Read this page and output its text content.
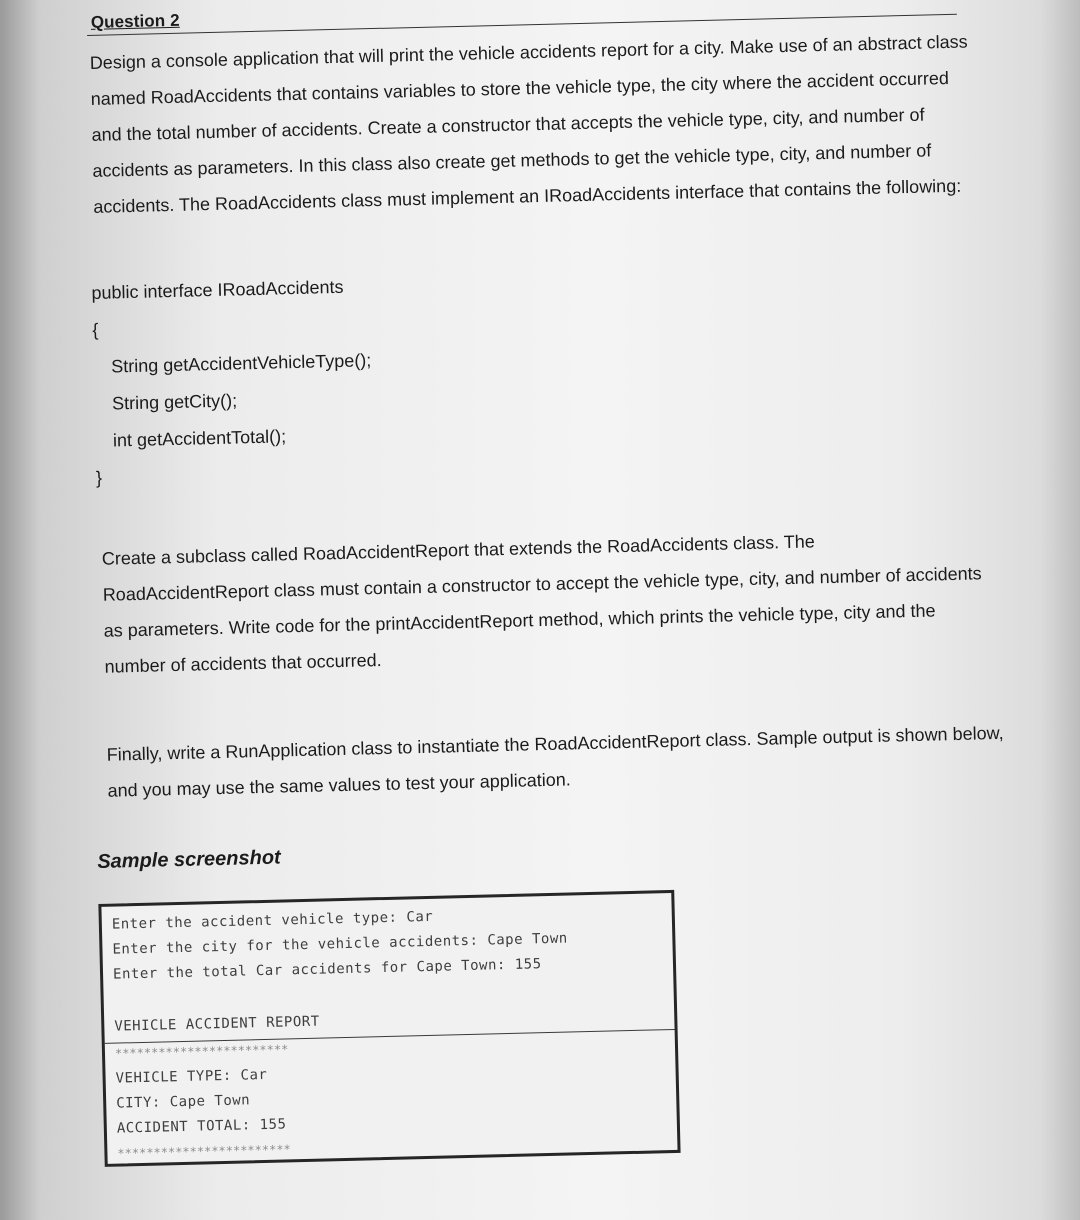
Question 2

Design a console application that will print the vehicle accidents report for a city. Make use of an abstract class named RoadAccidents that contains variables to store the vehicle type, the city where the accident occurred and the total number of accidents. Create a constructor that accepts the vehicle type, city, and number of accidents as parameters. In this class also create get methods to get the vehicle type, city, and number of accidents. The RoadAccidents class must implement an IRoadAccidents interface that contains the following:

public interface IRoadAccidents
{
String getAccidentVehicleType();
String getCity();
int getAccidentTotal();
}

Create a subclass called RoadAccidentReport that extends the RoadAccidents class. The RoadAccidentReport class must contain a constructor to accept the vehicle type, city, and number of accidents as parameters. Write code for the printAccidentReport method, which prints the vehicle type, city and the number of accidents that occurred.

Finally, write a RunApplication class to instantiate the RoadAccidentReport class. Sample output is shown below, and you may use the same values to test your application.

Sample screenshot
Enter the accident vehicle type: Car
Enter the city for the vehicle accidents: Cape Town
Enter the total Car accidents for Cape Town: 155
VEHICLE ACCIDENT REPORT
************************
VEHICLE TYPE: Car
CITY: Cape Town
ACCIDENT TOTAL: 155
************************
